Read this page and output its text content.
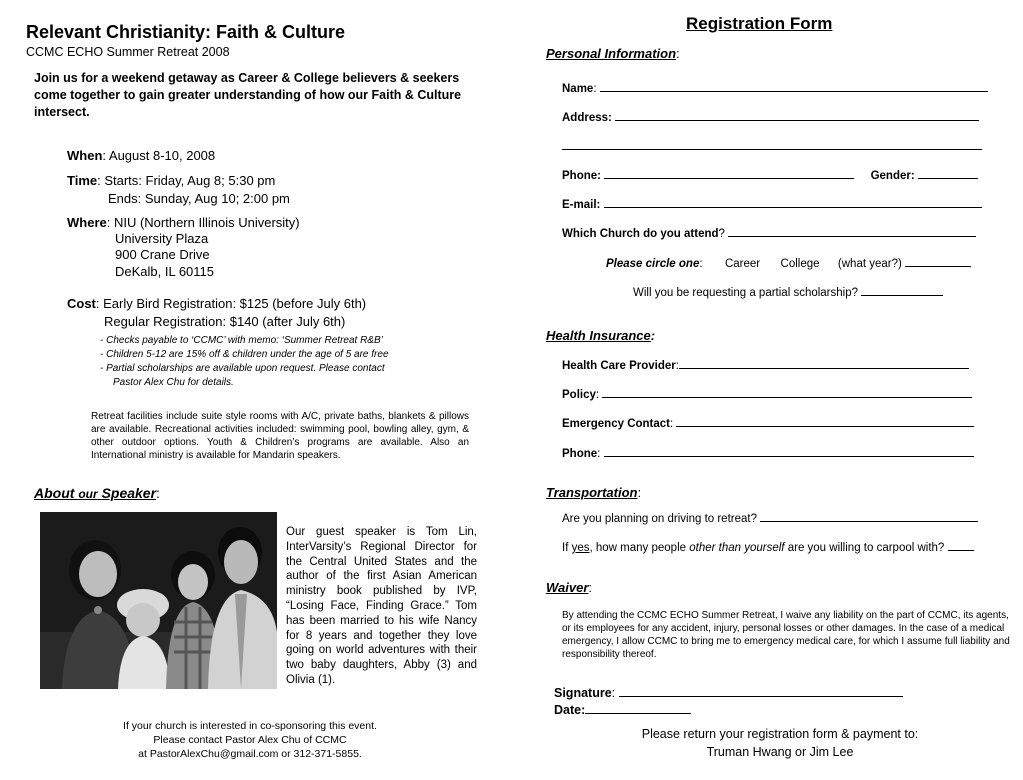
Relevant Christianity: Faith & Culture
CCMC ECHO Summer Retreat 2008
Join us for a weekend getaway as Career & College believers & seekers come together to gain greater understanding of how our Faith & Culture intersect.
When: August 8-10, 2008
Time: Starts: Friday, Aug 8; 5:30 pm
Ends: Sunday, Aug 10; 2:00 pm
Where: NIU (Northern Illinois University)
University Plaza
900 Crane Drive
DeKalb, IL 60115
Cost: Early Bird Registration: $125 (before July 6th)
Regular Registration: $140 (after July 6th)
- Checks payable to ‘CCMC’ with memo: ‘Summer Retreat R&B’
- Children 5-12 are 15% off & children under the age of 5 are free
- Partial scholarships are available upon request. Please contact
Pastor Alex Chu for details.
Retreat facilities include suite style rooms with A/C, private baths, blankets & pillows are available. Recreational activities included: swimming pool, bowling alley, gym, & other outdoor options. Youth & Children’s programs are available. Also an International ministry is available for Mandarin speakers.
About our Speaker:
Our guest speaker is Tom Lin, InterVarsity’s Regional Director for the Central United States and the author of the first Asian American ministry book published by IVP, “Losing Face, Finding Grace.” Tom has been married to his wife Nancy for 8 years and together they love going on world adventures with their two baby daughters, Abby (3) and Olivia (1).
If your church is interested in co-sponsoring this event.
Please contact Pastor Alex Chu of CCMC
at PastorAlexChu@gmail.com or 312-371-5855.
Registration Form
Personal Information:
Name:
Address:
Phone:	Gender:
E-mail:
Which Church do you attend?
Please circle one: Career College (what year?)
Will you be requesting a partial scholarship?
Health Insurance:
Health Care Provider:
Policy:
Emergency Contact:
Phone:
Transportation:
Are you planning on driving to retreat?
If yes, how many people other than yourself are you willing to carpool with?
Waiver:
By attending the CCMC ECHO Summer Retreat, I waive any liability on the part of CCMC, its agents, or its employees for any accident, injury, personal losses or other damages. In the case of a medical emergency, I allow CCMC to bring me to emergency medical care, for which I assume full liability and responsibility thereof.
Signature:
Date:
Please return your registration form & payment to:
Truman Hwang or Jim Lee
